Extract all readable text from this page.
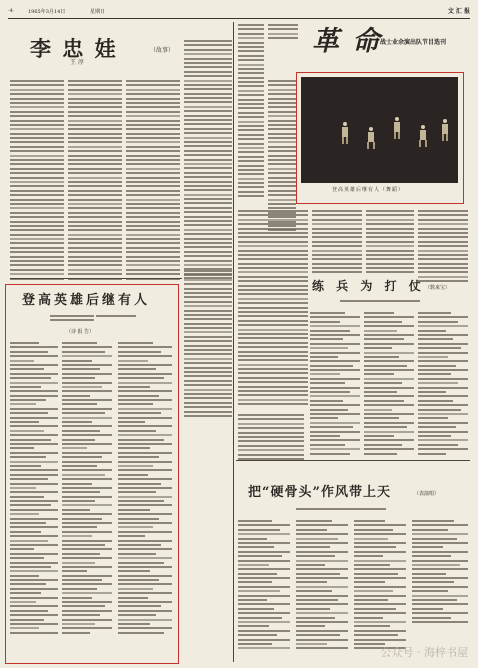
·4·	1965年3月14日	星期日	文 汇 报
李 忠 娃	（故事）
王 淳
登高英雄后继有人
（诗 报 告）
革 命
战士业余演出队节目选刊
登高英雄后继有人（舞蹈）
练 兵 为 打 仗 （数来宝）
把“硬骨头”作风带上天	（表演唱）
公众号 · 海梓书屋
